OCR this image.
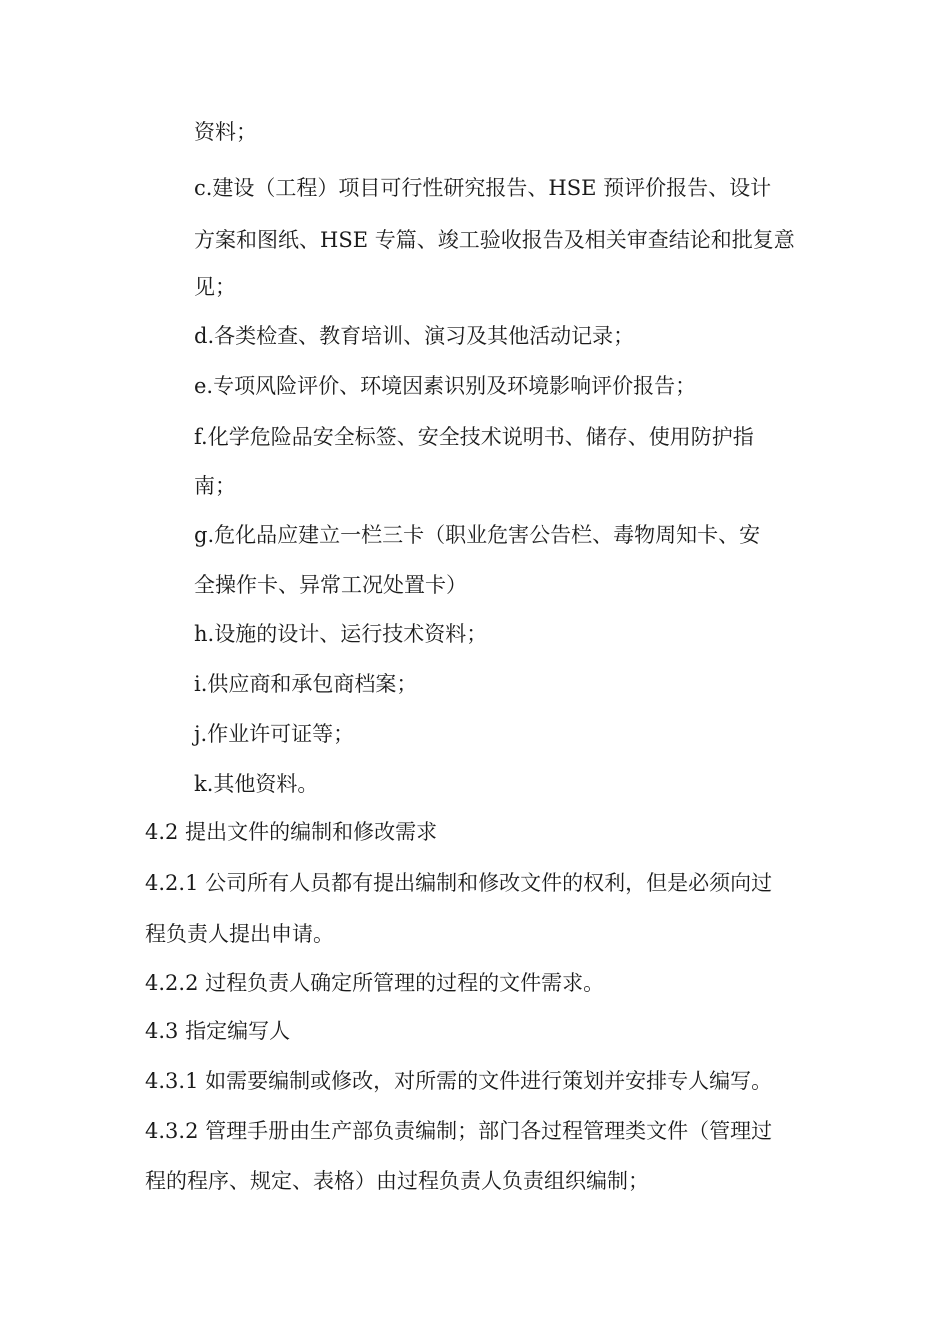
资料；
c.建设（工程）项目可行性研究报告、HSE 预评价报告、设计
方案和图纸、HSE 专篇、竣工验收报告及相关审查结论和批复意
见；
d.各类检查、教育培训、演习及其他活动记录；
e.专项风险评价、环境因素识别及环境影响评价报告；
f.化学危险品安全标签、安全技术说明书、储存、使用防护指
南；
g.危化品应建立一栏三卡（职业危害公告栏、毒物周知卡、安
全操作卡、异常工况处置卡）
h.设施的设计、运行技术资料；
i.供应商和承包商档案；
j.作业许可证等；
k.其他资料。
4.2 提出文件的编制和修改需求
4.2.1 公司所有人员都有提出编制和修改文件的权利，但是必须向过
程负责人提出申请。
4.2.2 过程负责人确定所管理的过程的文件需求。
4.3 指定编写人
4.3.1 如需要编制或修改，对所需的文件进行策划并安排专人编写。
4.3.2 管理手册由生产部负责编制；部门各过程管理类文件（管理过
程的程序、规定、表格）由过程负责人负责组织编制；
